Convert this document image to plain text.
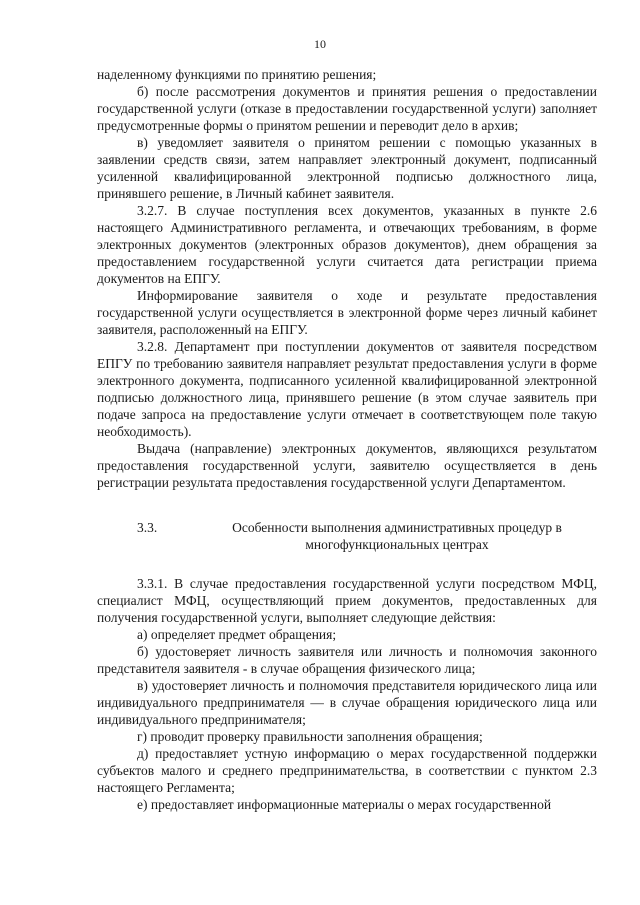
10

наделенному функциями по принятию решения;

б) после рассмотрения документов и принятия решения о предоставлении государственной услуги (отказе в предоставлении государственной услуги) заполняет предусмотренные формы о принятом решении и переводит дело в архив;

в) уведомляет заявителя о принятом решении с помощью указанных в заявлении средств связи, затем направляет электронный документ, подписанный усиленной квалифицированной электронной подписью должностного лица, принявшего решение, в Личный кабинет заявителя.

3.2.7. В случае поступления всех документов, указанных в пункте 2.6 настоящего Административного регламента, и отвечающих требованиям, в форме электронных документов (электронных образов документов), днем обращения за предоставлением государственной услуги считается дата регистрации приема документов на ЕПГУ.

Информирование заявителя о ходе и результате предоставления государственной услуги осуществляется в электронной форме через личный кабинет заявителя, расположенный на ЕПГУ.

3.2.8. Департамент при поступлении документов от заявителя посредством ЕПГУ по требованию заявителя направляет результат предоставления услуги в форме электронного документа, подписанного усиленной квалифицированной электронной подписью должностного лица, принявшего решение (в этом случае заявитель при подаче запроса на предоставление услуги отмечает в соответствующем поле такую необходимость).

Выдача (направление) электронных документов, являющихся результатом предоставления государственной услуги, заявителю осуществляется в день регистрации результата предоставления государственной услуги Департаментом.

3.3.	Особенности выполнения административных процедур в
многофункциональных центрах

3.3.1. В случае предоставления государственной услуги посредством МФЦ, специалист МФЦ, осуществляющий прием документов, предоставленных для получения государственной услуги, выполняет следующие действия:

а) определяет предмет обращения;

б) удостоверяет личность заявителя или личность и полномочия законного представителя заявителя - в случае обращения физического лица;

в) удостоверяет личность и полномочия представителя юридического лица или индивидуального предпринимателя — в случае обращения юридического лица или индивидуального предпринимателя;

г) проводит проверку правильности заполнения обращения;

д) предоставляет устную информацию о мерах государственной поддержки субъектов малого и среднего предпринимательства, в соответствии с пунктом 2.3 настоящего Регламента;

е) предоставляет информационные материалы о мерах государственной
